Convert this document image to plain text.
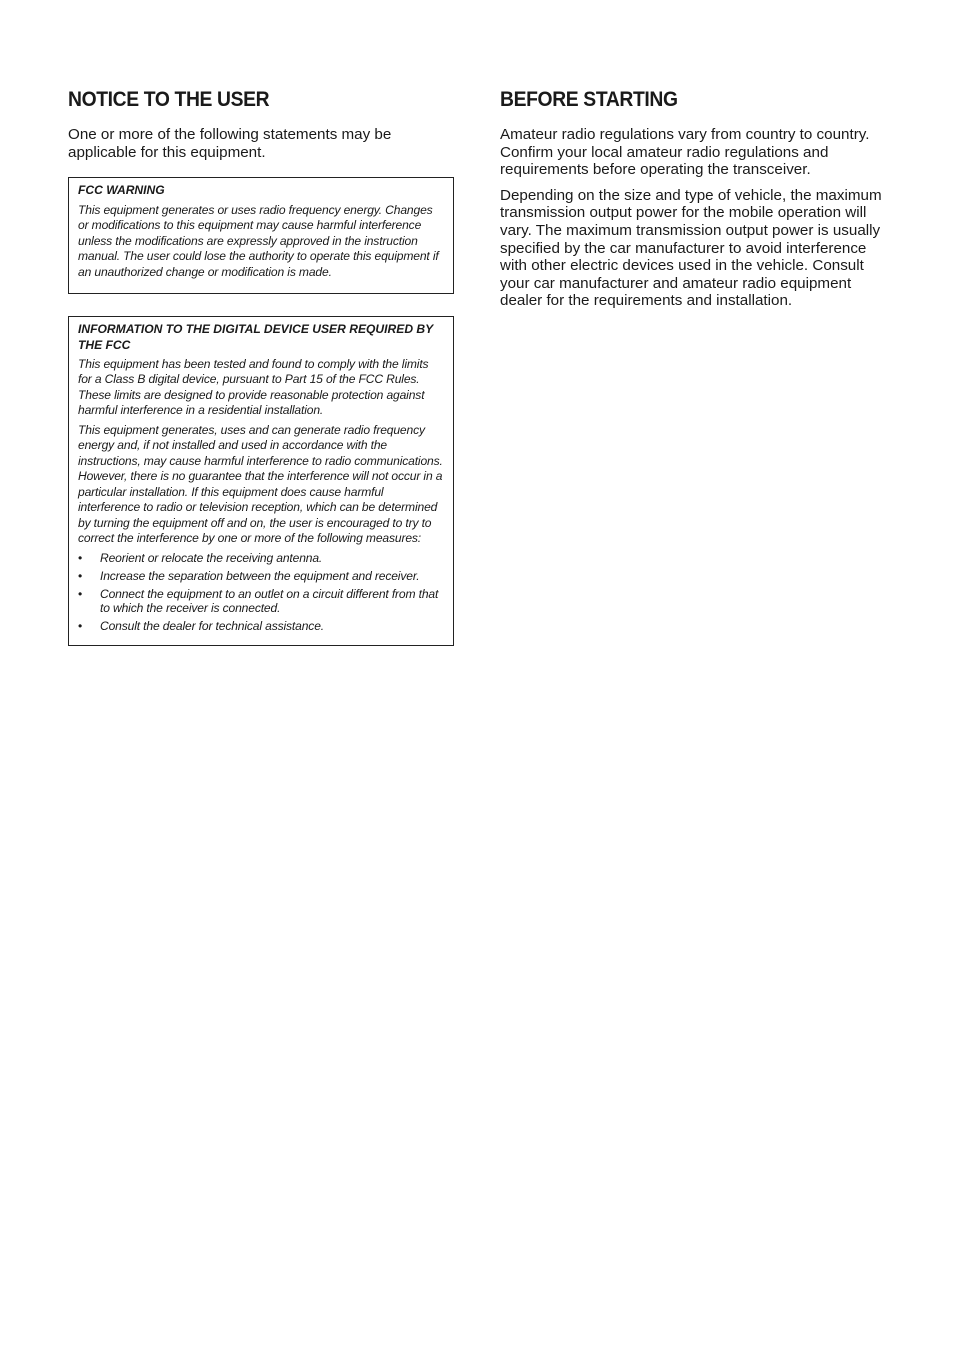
NOTICE TO THE USER

One or more of the following statements may be applicable for this equipment.

FCC WARNING
This equipment generates or uses radio frequency energy. Changes or modifications to this equipment may cause harmful interference unless the modifications are expressly approved in the instruction manual. The user could lose the authority to operate this equipment if an unauthorized change or modification is made.
INFORMATION TO THE DIGITAL DEVICE USER REQUIRED BY THE FCC
This equipment has been tested and found to comply with the limits for a Class B digital device, pursuant to Part 15 of the FCC Rules. These limits are designed to provide reasonable protection against harmful interference in a residential installation.
This equipment generates, uses and can generate radio frequency energy and, if not installed and used in accordance with the instructions, may cause harmful interference to radio communications. However, there is no guarantee that the interference will not occur in a particular installation. If this equipment does cause harmful interference to radio or television reception, which can be determined by turning the equipment off and on, the user is encouraged to try to correct the interference by one or more of the following measures:
• Reorient or relocate the receiving antenna.
• Increase the separation between the equipment and receiver.
• Connect the equipment to an outlet on a circuit different from that to which the receiver is connected.
• Consult the dealer for technical assistance.
BEFORE STARTING

Amateur radio regulations vary from country to country. Confirm your local amateur radio regulations and requirements before operating the transceiver.

Depending on the size and type of vehicle, the maximum transmission output power for the mobile operation will vary. The maximum transmission output power is usually specified by the car manufacturer to avoid interference with other electric devices used in the vehicle. Consult your car manufacturer and amateur radio equipment dealer for the requirements and installation.
